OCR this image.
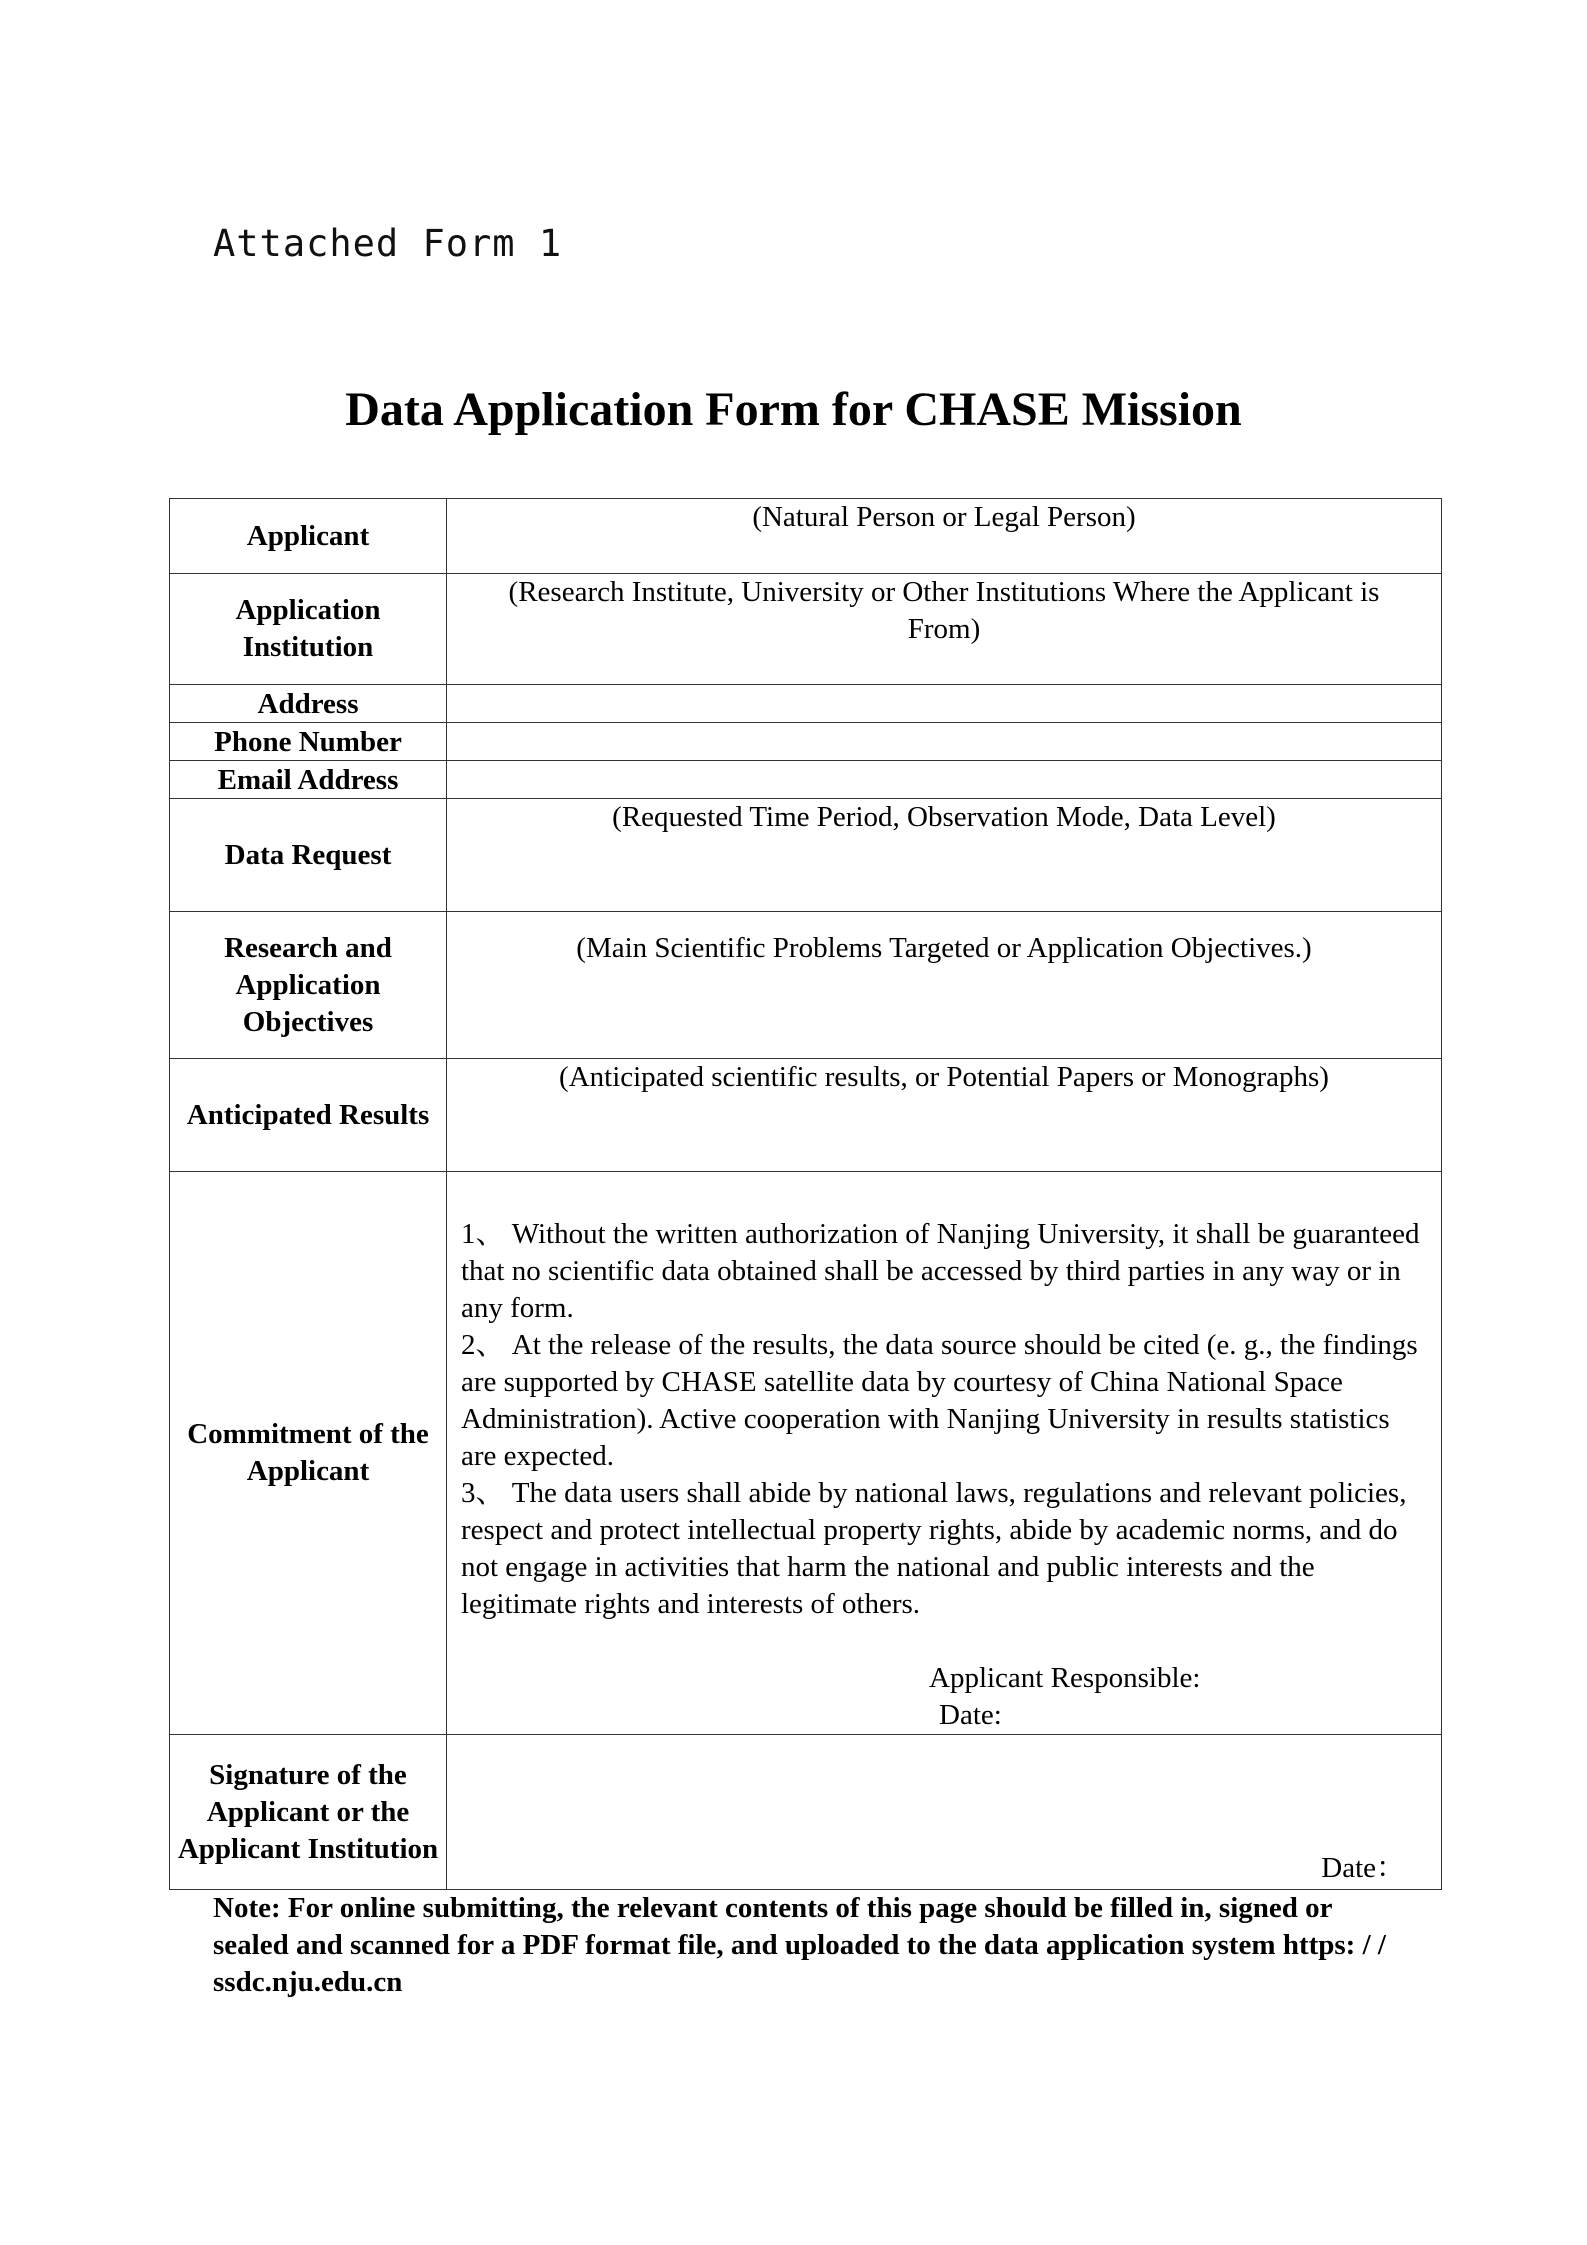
Attached Form 1
Data Application Form for CHASE Mission
Applicant	(Natural Person or Legal Person)

Application Institution	(Research Institute, University or Other Institutions Where the Applicant is From)

Address	
Phone Number	
Email Address	
Data Request	(Requested Time Period, Observation Mode, Data Level)

Research and Application Objectives	(Main Scientific Problems Targeted or Application Objectives.)

Anticipated Results	(Anticipated scientific results, or Potential Papers or Monographs)

Commitment of the Applicant	1、 Without the written authorization of Nanjing University, it shall be guaranteed that no scientific data obtained shall be accessed by third parties in any way or in any form.

2、 At the release of the results, the data source should be cited (e. g., the findings are supported by CHASE satellite data by courtesy of China National Space Administration). Active cooperation with Nanjing University in results statistics are expected.

3、 The data users shall abide by national laws, regulations and relevant policies, respect and protect intellectual property rights, abide by academic norms, and do not engage in activities that harm the national and public interests and the legitimate rights and interests of others.

Applicant Responsible:

Date:

Signature of the Applicant or the Applicant Institution	Date：
Note: For online submitting, the relevant contents of this page should be filled in, signed or sealed and scanned for a PDF format file, and uploaded to the data application system https: / / ssdc.nju.edu.cn
